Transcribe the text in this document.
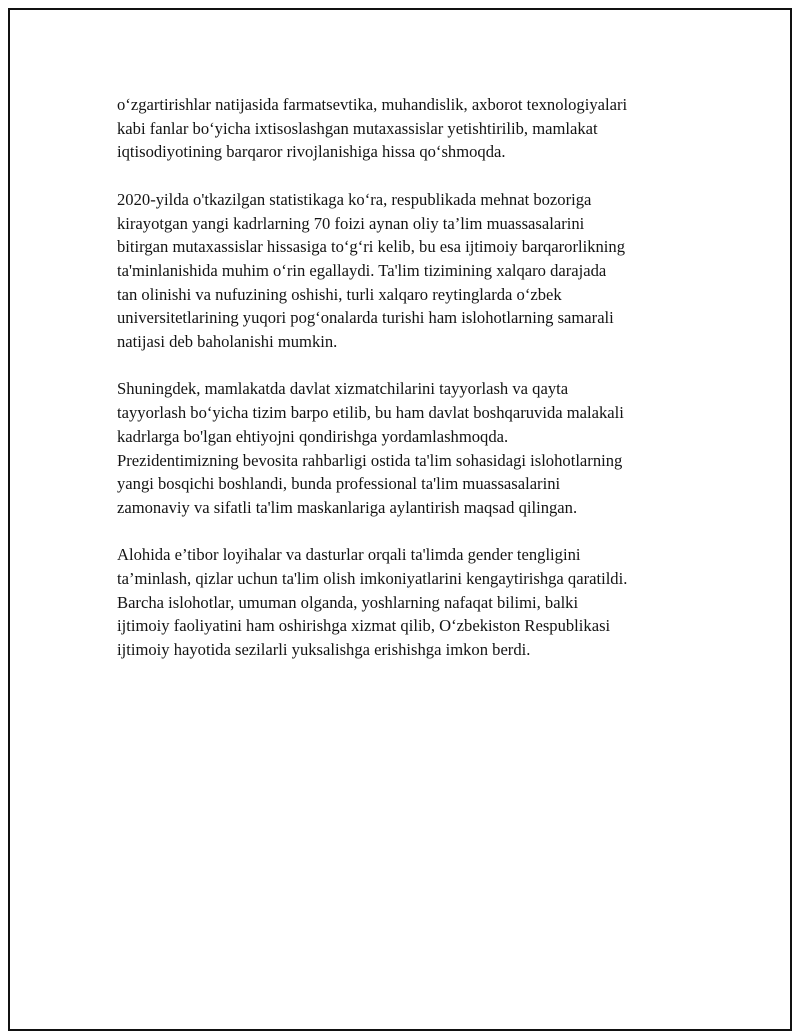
o‘zgartirishlar natijasida farmatsevtika, muhandislik, axborot texnologiyalari
kabi fanlar bo‘yicha ixtisoslashgan mutaxassislar yetishtirilib, mamlakat
iqtisodiyotining barqaror rivojlanishiga hissa qo‘shmoqda.

2020-yilda o'tkazilgan statistikaga ko‘ra, respublikada mehnat bozoriga
kirayotgan yangi kadrlarning 70 foizi aynan oliy ta’lim muassasalarini
bitirgan mutaxassislar hissasiga to‘g‘ri kelib, bu esa ijtimoiy barqarorlikning
ta'minlanishida muhim o‘rin egallaydi. Ta'lim tizimining xalqaro darajada
tan olinishi va nufuzining oshishi, turli xalqaro reytinglarda o‘zbek
universitetlarining yuqori pog‘onalarda turishi ham islohotlarning samarali
natijasi deb baholanishi mumkin.

Shuningdek, mamlakatda davlat xizmatchilarini tayyorlash va qayta
tayyorlash bo‘yicha tizim barpo etilib, bu ham davlat boshqaruvida malakali
kadrlarga bo'lgan ehtiyojni qondirishga yordamlashmoqda.
Prezidentimizning bevosita rahbarligi ostida ta'lim sohasidagi islohotlarning
yangi bosqichi boshlandi, bunda professional ta'lim muassasalarini
zamonaviy va sifatli ta'lim maskanlariga aylantirish maqsad qilingan.

Alohida e’tibor loyihalar va dasturlar orqali ta'limda gender tengligini
ta’minlash, qizlar uchun ta'lim olish imkoniyatlarini kengaytirishga qaratildi.
Barcha islohotlar, umuman olganda, yoshlarning nafaqat bilimi, balki
ijtimoiy faoliyatini ham oshirishga xizmat qilib, O‘zbekiston Respublikasi
ijtimoiy hayotida sezilarli yuksalishga erishishga imkon berdi.
